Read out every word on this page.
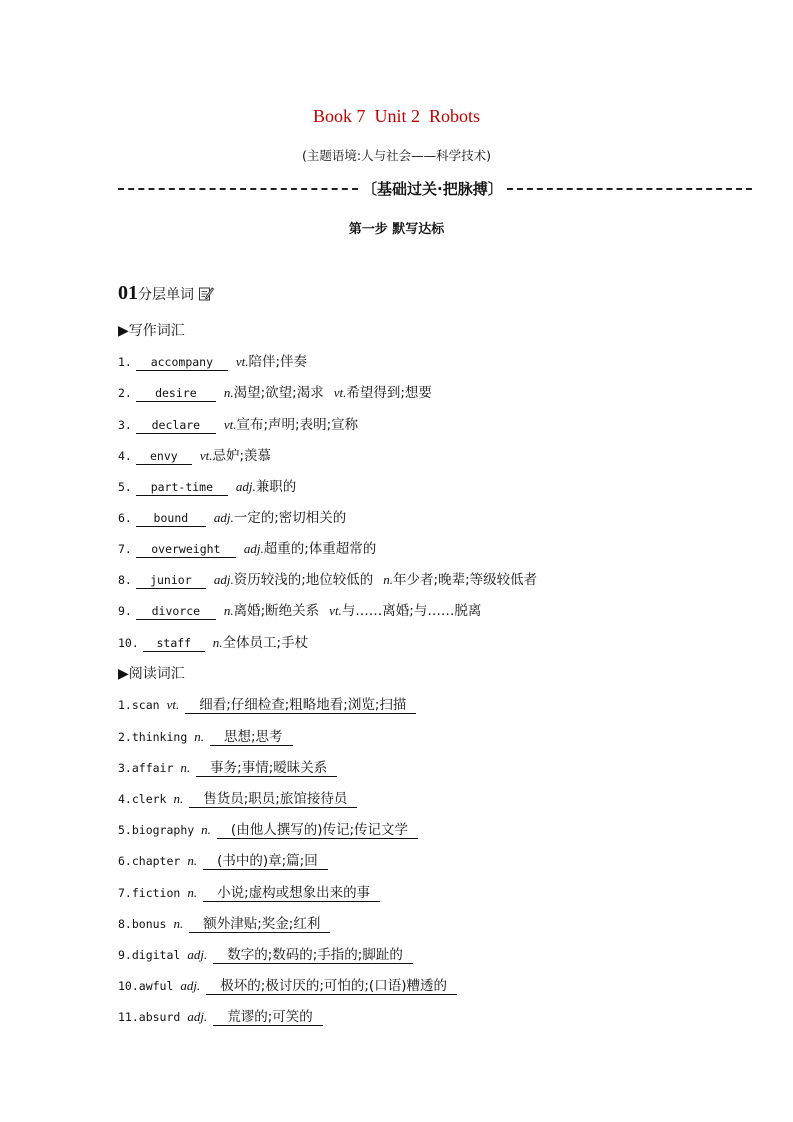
Book 7  Unit 2  Robots
(主题语境:人与社会——科学技术)
〔基础过关·把脉搏〕
第一步 默写达标
01分层单词
▶写作词汇
1. accompany vt.陪伴;伴奏
2. desire n.渴望;欲望;渴求 vt.希望得到;想要
3. declare vt.宣布;声明;表明;宣称
4. envy vt.忌妒;羡慕
5. part-time adj.兼职的
6. bound adj.一定的;密切相关的
7. overweight adj.超重的;体重超常的
8. junior adj.资历较浅的;地位较低的 n.年少者;晚辈;等级较低者
9. divorce n.离婚;断绝关系 vt.与……离婚;与……脱离
10. staff n.全体员工;手杖
▶阅读词汇
1.scan vt. 细看;仔细检查;粗略地看;浏览;扫描
2.thinking n. 思想;思考
3.affair n. 事务;事情;暧昧关系
4.clerk n. 售货员;职员;旅馆接待员
5.biography n. (由他人撰写的)传记;传记文学
6.chapter n. (书中的)章;篇;回
7.fiction n. 小说;虚构或想象出来的事
8.bonus n. 额外津贴;奖金;红利
9.digital adj. 数字的;数码的;手指的;脚趾的
10.awful adj. 极坏的;极讨厌的;可怕的;(口语)糟透的
11.absurd adj. 荒谬的;可笑的
